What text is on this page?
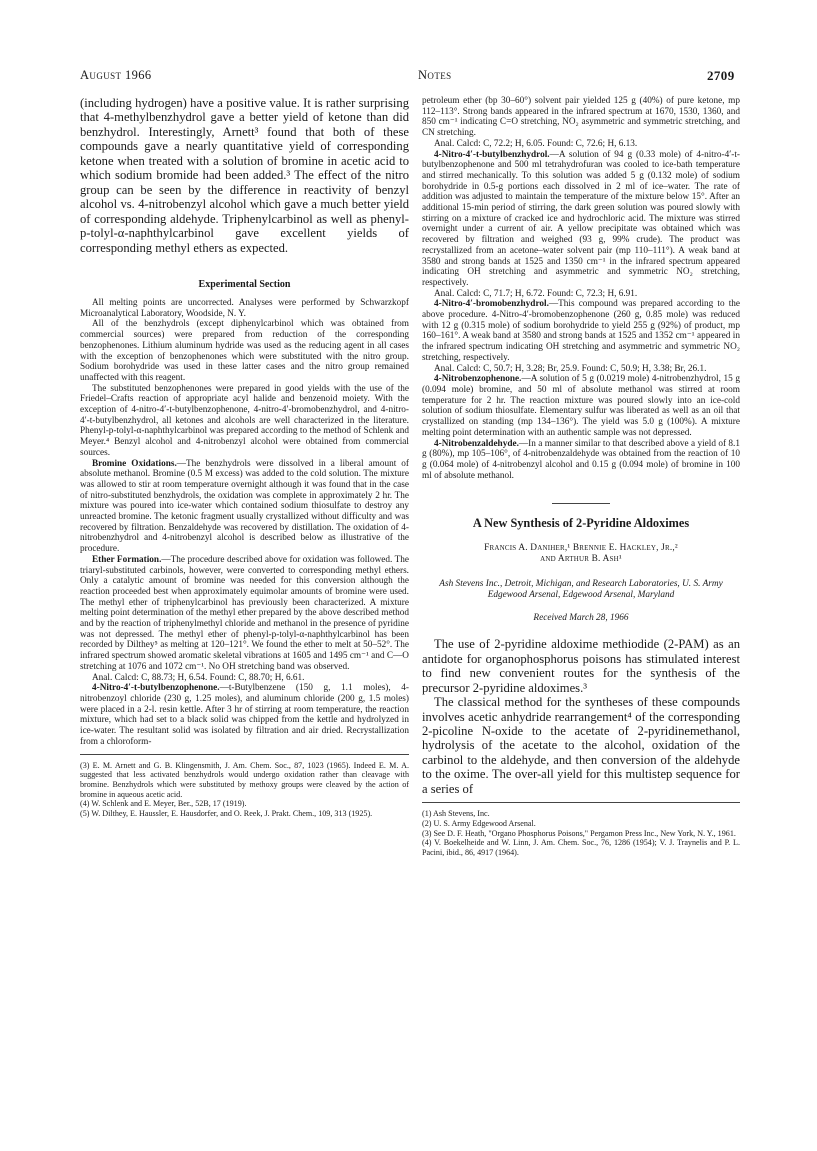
August 1966	Notes	2709

(including hydrogen) have a positive value. It is rather surprising that 4-methylbenzhydrol gave a better yield of ketone than did benzhydrol. Interestingly, Arnett³ found that both of these compounds gave a nearly quantitative yield of corresponding ketone when treated with a solution of bromine in acetic acid to which sodium bromide had been added.³ The effect of the nitro group can be seen by the difference in reactivity of benzyl alcohol vs. 4-nitrobenzyl alcohol which gave a much better yield of corresponding aldehyde. Triphenylcarbinol as well as phenyl-p-tolyl-α-naphthylcarbinol gave excellent yields of corresponding methyl ethers as expected.

Experimental Section

All melting points are uncorrected. Analyses were performed by Schwarzkopf Microanalytical Laboratory, Woodside, N. Y.

All of the benzhydrols (except diphenylcarbinol which was obtained from commercial sources) were prepared from reduction of the corresponding benzophenones. Lithium aluminum hydride was used as the reducing agent in all cases with the exception of benzophenones which were substituted with the nitro group. Sodium borohydride was used in these latter cases and the nitro group remained unaffected with this reagent.

The substituted benzophenones were prepared in good yields with the use of the Friedel–Crafts reaction of appropriate acyl halide and benzenoid moiety. With the exception of 4-nitro-4′-t-butylbenzophenone, 4-nitro-4′-bromobenzhydrol, and 4-nitro-4′-t-butylbenzhydrol, all ketones and alcohols are well characterized in the literature. Phenyl-p-tolyl-α-naphthylcarbinol was prepared according to the method of Schlenk and Meyer.⁴ Benzyl alcohol and 4-nitrobenzyl alcohol were obtained from commercial sources.

Bromine Oxidations.—The benzhydrols were dissolved in a liberal amount of absolute methanol. Bromine (0.5 M excess) was added to the cold solution. The mixture was allowed to stir at room temperature overnight although it was found that in the case of nitro-substituted benzhydrols, the oxidation was complete in approximately 2 hr. The mixture was poured into ice-water which contained sodium thiosulfate to destroy any unreacted bromine. The ketonic fragment usually crystallized without difficulty and was recovered by filtration. Benzaldehyde was recovered by distillation. The oxidation of 4-nitrobenzhydrol and 4-nitrobenzyl alcohol is described below as illustrative of the procedure.

Ether Formation.—The procedure described above for oxidation was followed. The triaryl-substituted carbinols, however, were converted to corresponding methyl ethers. Only a catalytic amount of bromine was needed for this conversion although the reaction proceeded best when approximately equimolar amounts of bromine were used. The methyl ether of triphenylcarbinol has previously been characterized. A mixture melting point determination of the methyl ether prepared by the above described method and by the reaction of triphenylmethyl chloride and methanol in the presence of pyridine was not depressed. The methyl ether of phenyl-p-tolyl-α-naphthylcarbinol has been recorded by Dilthey⁵ as melting at 120–121°. We found the ether to melt at 50–52°. The infrared spectrum showed aromatic skeletal vibrations at 1605 and 1495 cm⁻¹ and C—O stretching at 1076 and 1072 cm⁻¹. No OH stretching band was observed.

Anal. Calcd: C, 88.73; H, 6.54. Found: C, 88.70; H, 6.61.

4-Nitro-4′-t-butylbenzophenone.—t-Butylbenzene (150 g, 1.1 moles), 4-nitrobenzoyl chloride (230 g, 1.25 moles), and aluminum chloride (200 g, 1.5 moles) were placed in a 2-l. resin kettle. After 3 hr of stirring at room temperature, the reaction mixture, which had set to a black solid was chipped from the kettle and hydrolyzed in ice-water. The resultant solid was isolated by filtration and air dried. Recrystallization from a chloroform-

(3) E. M. Arnett and G. B. Klingensmith, J. Am. Chem. Soc., 87, 1023 (1965). Indeed E. M. A. suggested that less activated benzhydrols would undergo oxidation rather than cleavage with bromine. Benzhydrols which were substituted by methoxy groups were cleaved by the action of bromine in aqueous acetic acid.

(4) W. Schlenk and E. Meyer, Ber., 52B, 17 (1919).

(5) W. Dilthey, E. Haussler, E. Hausdorfer, and O. Reek, J. Prakt. Chem., 109, 313 (1925).

petroleum ether (bp 30–60°) solvent pair yielded 125 g (40%) of pure ketone, mp 112–113°. Strong bands appeared in the infrared spectrum at 1670, 1530, 1360, and 850 cm⁻¹ indicating C=O stretching, NO₂ asymmetric and symmetric stretching, and CN stretching.

Anal. Calcd: C, 72.2; H, 6.05. Found: C, 72.6; H, 6.13.

4-Nitro-4′-t-butylbenzhydrol.—A solution of 94 g (0.33 mole) of 4-nitro-4′-t-butylbenzophenone and 500 ml tetrahydrofuran was cooled to ice-bath temperature and stirred mechanically. To this solution was added 5 g (0.132 mole) of sodium borohydride in 0.5-g portions each dissolved in 2 ml of ice–water. The rate of addition was adjusted to maintain the temperature of the mixture below 15°. After an additional 15-min period of stirring, the dark green solution was poured slowly with stirring on a mixture of cracked ice and hydrochloric acid. The mixture was stirred overnight under a current of air. A yellow precipitate was obtained which was recovered by filtration and weighed (93 g, 99% crude). The product was recrystallized from an acetone–water solvent pair (mp 110–111°). A weak band at 3580 and strong bands at 1525 and 1350 cm⁻¹ in the infrared spectrum appeared indicating OH stretching and asymmetric and symmetric NO₂ stretching, respectively.

Anal. Calcd: C, 71.7; H, 6.72. Found: C, 72.3; H, 6.91.

4-Nitro-4′-bromobenzhydrol.—This compound was prepared according to the above procedure. 4-Nitro-4′-bromobenzophenone (260 g, 0.85 mole) was reduced with 12 g (0.315 mole) of sodium borohydride to yield 255 g (92%) of product, mp 160–161°. A weak band at 3580 and strong bands at 1525 and 1352 cm⁻¹ appeared in the infrared spectrum indicating OH stretching and asymmetric and symmetric NO₂ stretching, respectively.

Anal. Calcd: C, 50.7; H, 3.28; Br, 25.9. Found: C, 50.9; H, 3.38; Br, 26.1.

4-Nitrobenzophenone.—A solution of 5 g (0.0219 mole) 4-nitrobenzhydrol, 15 g (0.094 mole) bromine, and 50 ml of absolute methanol was stirred at room temperature for 2 hr. The reaction mixture was poured slowly into an ice-cold solution of sodium thiosulfate. Elementary sulfur was liberated as well as an oil that crystallized on standing (mp 134–136°). The yield was 5.0 g (100%). A mixture melting point determination with an authentic sample was not depressed.

4-Nitrobenzaldehyde.—In a manner similar to that described above a yield of 8.1 g (80%), mp 105–106°, of 4-nitrobenzaldehyde was obtained from the reaction of 10 g (0.064 mole) of 4-nitrobenzyl alcohol and 0.15 g (0.094 mole) of bromine in 100 ml of absolute methanol.

A New Synthesis of 2-Pyridine Aldoximes
Francis A. Daniher,¹ Brennie E. Hackley, Jr.,²
and Arthur B. Ash¹
Ash Stevens Inc., Detroit, Michigan, and Research Laboratories, U. S. Army Edgewood Arsenal, Edgewood Arsenal, Maryland
Received March 28, 1966

The use of 2-pyridine aldoxime methiodide (2-PAM) as an antidote for organophosphorus poisons has stimulated interest to find new convenient routes for the synthesis of the precursor 2-pyridine aldoximes.³

The classical method for the syntheses of these compounds involves acetic anhydride rearrangement⁴ of the corresponding 2-picoline N-oxide to the acetate of 2-pyridinemethanol, hydrolysis of the acetate to the alcohol, oxidation of the carbinol to the aldehyde, and then conversion of the aldehyde to the oxime. The over-all yield for this multistep sequence for a series of

(1) Ash Stevens, Inc.

(2) U. S. Army Edgewood Arsenal.

(3) See D. F. Heath, "Organo Phosphorus Poisons," Pergamon Press Inc., New York, N. Y., 1961.

(4) V. Boekelheide and W. Linn, J. Am. Chem. Soc., 76, 1286 (1954); V. J. Traynelis and P. L. Pacini, ibid., 86, 4917 (1964).
